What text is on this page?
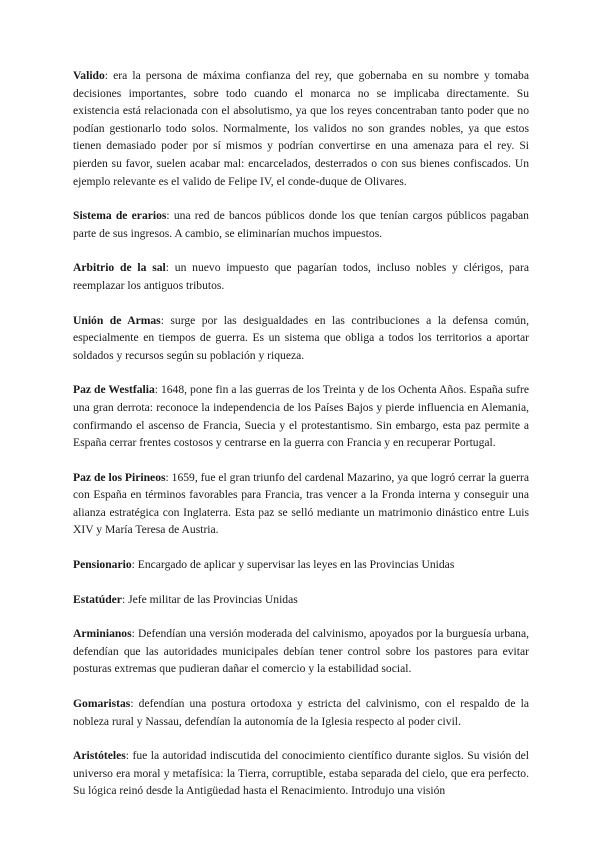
Valido: era la persona de máxima confianza del rey, que gobernaba en su nombre y tomaba decisiones importantes, sobre todo cuando el monarca no se implicaba directamente. Su existencia está relacionada con el absolutismo, ya que los reyes concentraban tanto poder que no podían gestionarlo todo solos. Normalmente, los validos no son grandes nobles, ya que estos tienen demasiado poder por sí mismos y podrían convertirse en una amenaza para el rey. Si pierden su favor, suelen acabar mal: encarcelados, desterrados o con sus bienes confiscados. Un ejemplo relevante es el valido de Felipe IV, el conde-duque de Olivares.

Sistema de erarios: una red de bancos públicos donde los que tenían cargos públicos pagaban parte de sus ingresos. A cambio, se eliminarían muchos impuestos.

Arbitrio de la sal: un nuevo impuesto que pagarían todos, incluso nobles y clérigos, para reemplazar los antiguos tributos.

Unión de Armas: surge por las desigualdades en las contribuciones a la defensa común, especialmente en tiempos de guerra. Es un sistema que obliga a todos los territorios a aportar soldados y recursos según su población y riqueza.

Paz de Westfalia: 1648, pone fin a las guerras de los Treinta y de los Ochenta Años. España sufre una gran derrota: reconoce la independencia de los Países Bajos y pierde influencia en Alemania, confirmando el ascenso de Francia, Suecia y el protestantismo. Sin embargo, esta paz permite a España cerrar frentes costosos y centrarse en la guerra con Francia y en recuperar Portugal.

Paz de los Pirineos: 1659, fue el gran triunfo del cardenal Mazarino, ya que logró cerrar la guerra con España en términos favorables para Francia, tras vencer a la Fronda interna y conseguir una alianza estratégica con Inglaterra. Esta paz se selló mediante un matrimonio dinástico entre Luis XIV y María Teresa de Austria.

Pensionario: Encargado de aplicar y supervisar las leyes en las Provincias Unidas

Estatúder: Jefe militar de las Provincias Unidas

Arminianos: Defendían una versión moderada del calvinismo, apoyados por la burguesía urbana, defendían que las autoridades municipales debían tener control sobre los pastores para evitar posturas extremas que pudieran dañar el comercio y la estabilidad social.

Gomaristas: defendían una postura ortodoxa y estricta del calvinismo, con el respaldo de la nobleza rural y Nassau, defendían la autonomía de la Iglesia respecto al poder civil.

Aristóteles: fue la autoridad indiscutida del conocimiento científico durante siglos. Su visión del universo era moral y metafísica: la Tierra, corruptible, estaba separada del cielo, que era perfecto. Su lógica reinó desde la Antigüedad hasta el Renacimiento. Introdujo una visión
